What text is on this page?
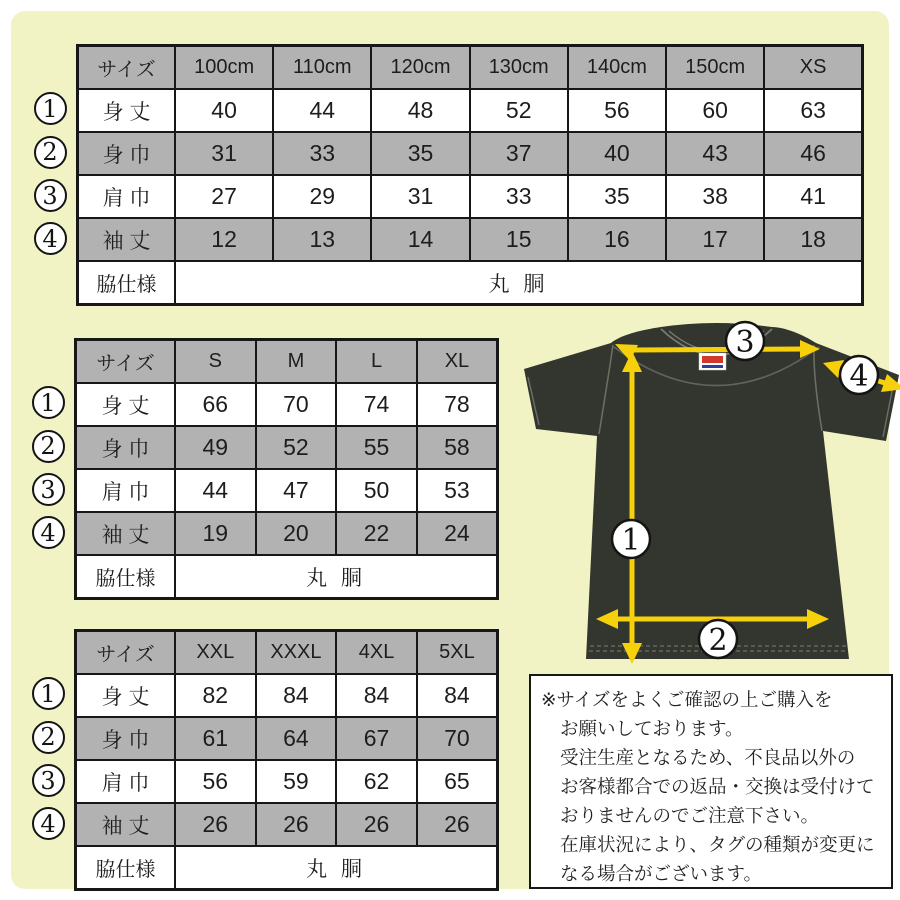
1
2
3
4
サイズ	100cm	110cm	120cm	130cm	140cm	150cm	XS
身 丈	40	44	48	52	56	60	63
身 巾	31	33	35	37	40	43	46
肩 巾	27	29	31	33	35	38	41
袖 丈	12	13	14	15	16	17	18
脇仕様	丸 胴						
1
2
3
4
サイズ	S	M	L	XL
身 丈	66	70	74	78
身 巾	49	52	55	58
肩 巾	44	47	50	53
袖 丈	19	20	22	24
脇仕様	丸 胴			
1
2
3
4
サイズ	XXL	XXXL	4XL	5XL
身 丈	82	84	84	84
身 巾	61	64	67	70
肩 巾	56	59	62	65
袖 丈	26	26	26	26
脇仕様	丸 胴			
3
4
1
2
※サイズをよくご確認の上ご購入を
お願いしております。
受注生産となるため、不良品以外の
お客様都合での返品・交換は受付けて
おりませんのでご注意下さい。
在庫状況により、タグの種類が変更に
なる場合がございます。
